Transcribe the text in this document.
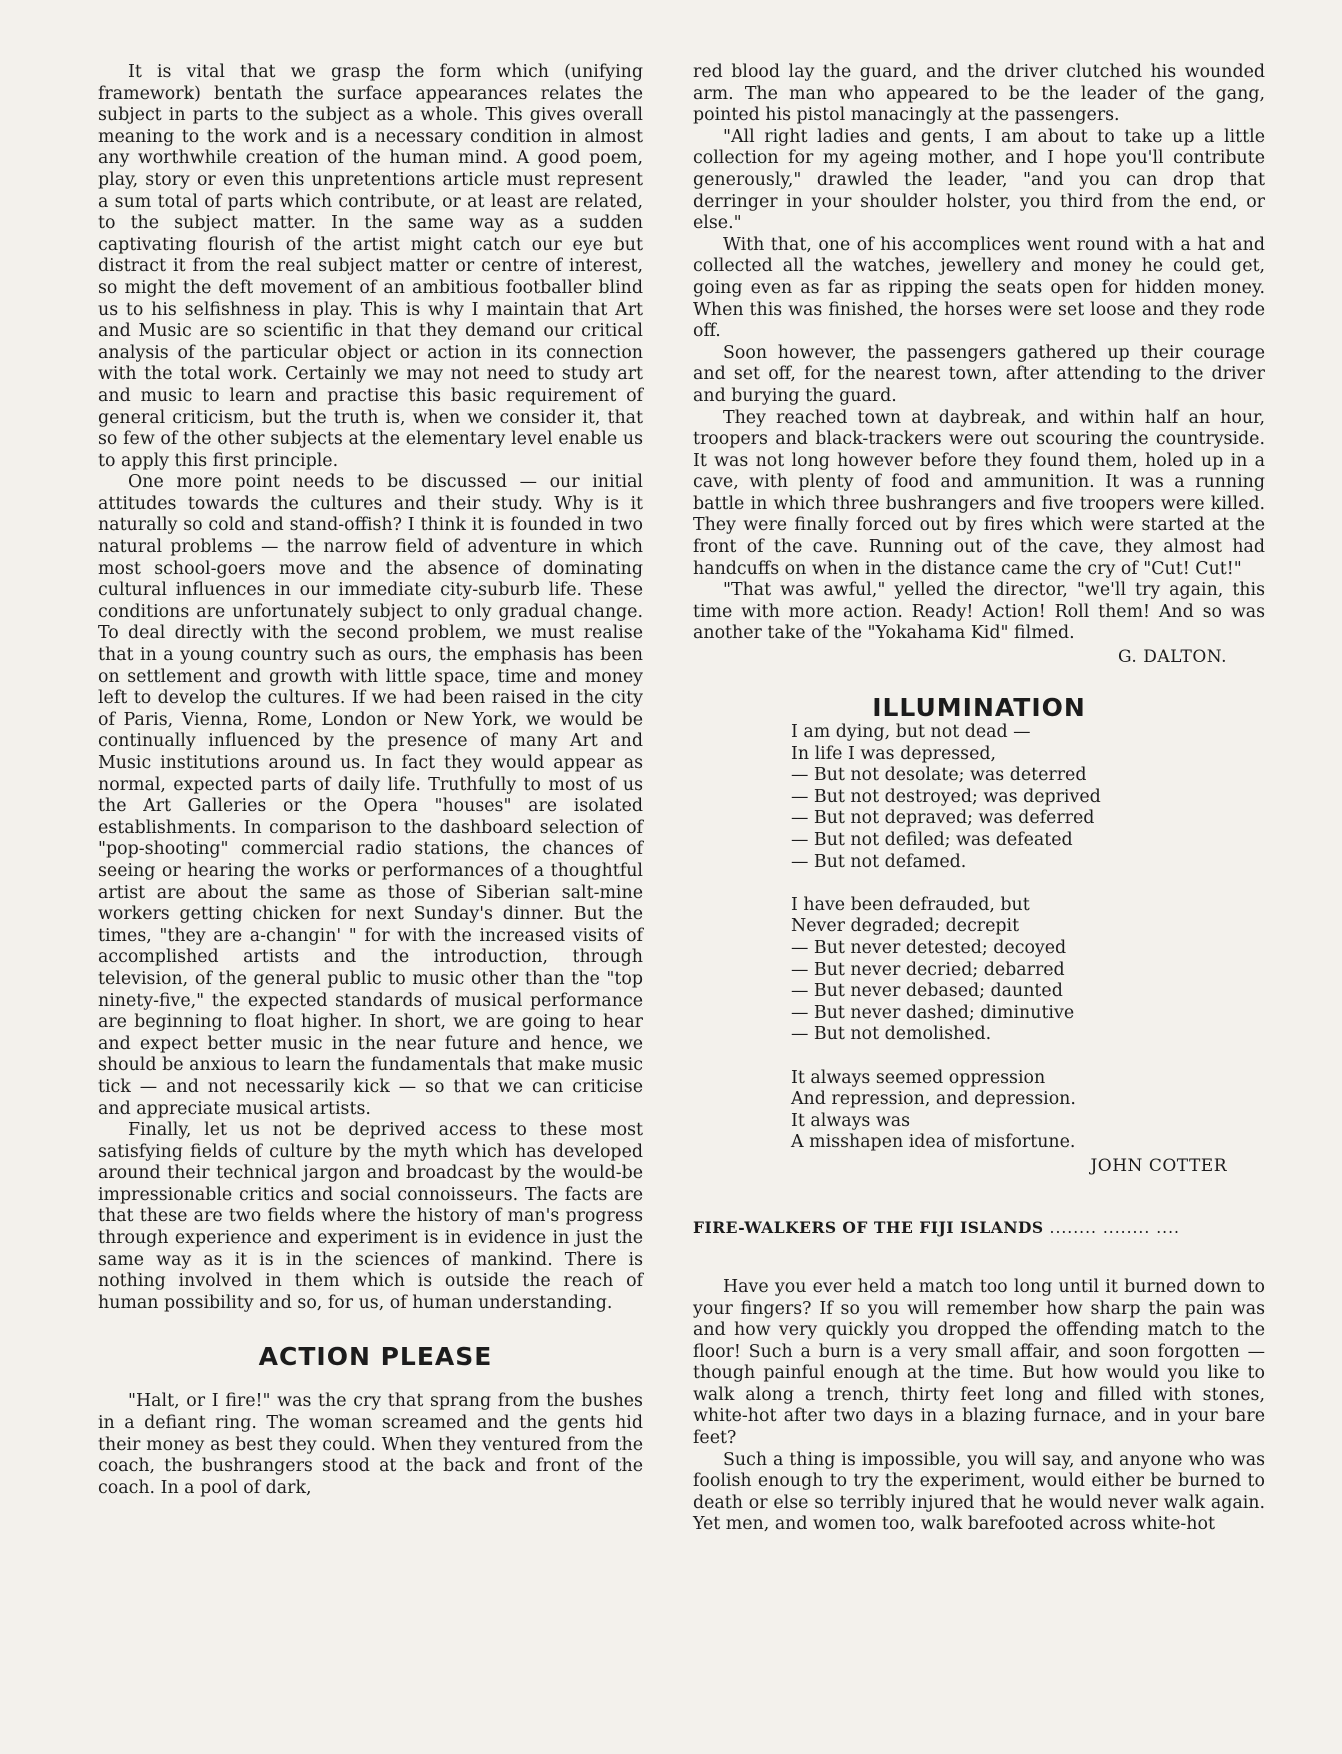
It is vital that we grasp the form which (unifying framework) bentath the surface appearances relates the subject in parts to the subject as a whole. This gives overall meaning to the work and is a necessary condition in almost any worthwhile creation of the human mind. A good poem, play, story or even this unpretentions article must represent a sum total of parts which contribute, or at least are related, to the subject matter. In the same way as a sudden captivating flourish of the artist might catch our eye but distract it from the real subject matter or centre of interest, so might the deft movement of an ambitious footballer blind us to his selfishness in play. This is why I maintain that Art and Music are so scientific in that they demand our critical analysis of the particular object or action in its connection with the total work. Certainly we may not need to study art and music to learn and practise this basic requirement of general criticism, but the truth is, when we consider it, that so few of the other subjects at the elementary level enable us to apply this first principle.

One more point needs to be discussed — our initial attitudes towards the cultures and their study. Why is it naturally so cold and stand-offish? I think it is founded in two natural problems — the narrow field of adventure in which most school-goers move and the absence of dominating cultural influences in our immediate city-suburb life. These conditions are unfortunately subject to only gradual change. To deal directly with the second problem, we must realise that in a young country such as ours, the emphasis has been on settlement and growth with little space, time and money left to develop the cultures. If we had been raised in the city of Paris, Vienna, Rome, London or New York, we would be continually influenced by the presence of many Art and Music institutions around us. In fact they would appear as normal, expected parts of daily life. Truthfully to most of us the Art Galleries or the Opera "houses" are isolated establishments. In comparison to the dashboard selection of "pop-shooting" commercial radio stations, the chances of seeing or hearing the works or performances of a thoughtful artist are about the same as those of Siberian salt-mine workers getting chicken for next Sunday's dinner. But the times, "they are a-changin' " for with the increased visits of accomplished artists and the introduction, through television, of the general public to music other than the "top ninety-five," the expected standards of musical performance are beginning to float higher. In short, we are going to hear and expect better music in the near future and hence, we should be anxious to learn the fundamentals that make music tick — and not necessarily kick — so that we can criticise and appreciate musical artists.

Finally, let us not be deprived access to these most satisfying fields of culture by the myth which has developed around their technical jargon and broadcast by the would-be impressionable critics and social connoisseurs. The facts are that these are two fields where the history of man's progress through experience and experiment is in evidence in just the same way as it is in the sciences of mankind. There is nothing involved in them which is outside the reach of human possibility and so, for us, of human understanding.

ACTION PLEASE

"Halt, or I fire!" was the cry that sprang from the bushes in a defiant ring. The woman screamed and the gents hid their money as best they could. When they ventured from the coach, the bushrangers stood at the back and front of the coach. In a pool of dark,

red blood lay the guard, and the driver clutched his wounded arm. The man who appeared to be the leader of the gang, pointed his pistol manacingly at the passengers.

"All right ladies and gents, I am about to take up a little collection for my ageing mother, and I hope you'll contribute generously," drawled the leader, "and you can drop that derringer in your shoulder holster, you third from the end, or else."

With that, one of his accomplices went round with a hat and collected all the watches, jewellery and money he could get, going even as far as ripping the seats open for hidden money. When this was finished, the horses were set loose and they rode off.

Soon however, the passengers gathered up their courage and set off, for the nearest town, after attending to the driver and burying the guard.

They reached town at daybreak, and within half an hour, troopers and black-trackers were out scouring the countryside. It was not long however before they found them, holed up in a cave, with plenty of food and ammunition. It was a running battle in which three bushrangers and five troopers were killed. They were finally forced out by fires which were started at the front of the cave. Running out of the cave, they almost had handcuffs on when in the distance came the cry of "Cut! Cut!"

"That was awful," yelled the director, "we'll try again, this time with more action. Ready! Action! Roll them! And so was another take of the "Yokahama Kid" filmed.

G. DALTON.

ILLUMINATION
I am dying, but not dead —
In life I was depressed,
— But not desolate; was deterred
— But not destroyed; was deprived
— But not depraved; was deferred
— But not defiled; was defeated
— But not defamed.
I have been defrauded, but
Never degraded; decrepit
— But never detested; decoyed
— But never decried; debarred
— But never debased; daunted
— But never dashed; diminutive
— But not demolished.
It always seemed oppression
And repression, and depression.
It always was
A misshapen idea of misfortune.

JOHN COTTER

FIRE-WALKERS OF THE FIJI ISLANDS ........ ........ ....

Have you ever held a match too long until it burned down to your fingers? If so you will remember how sharp the pain was and how very quickly you dropped the offending match to the floor! Such a burn is a very small affair, and soon forgotten — though painful enough at the time. But how would you like to walk along a trench, thirty feet long and filled with stones, white-hot after two days in a blazing furnace, and in your bare feet?

Such a thing is impossible, you will say, and anyone who was foolish enough to try the experiment, would either be burned to death or else so terribly injured that he would never walk again. Yet men, and women too, walk barefooted across white-hot
